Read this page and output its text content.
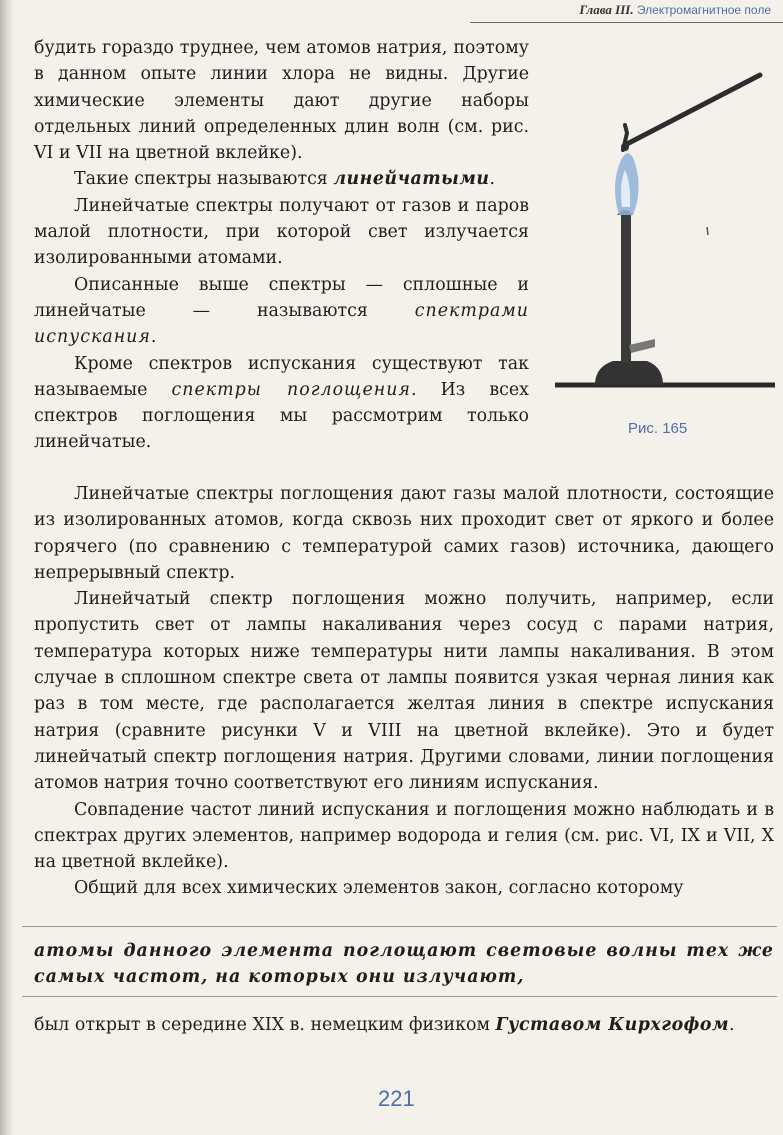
Глава III. Электромагнитное поле

будить гораздо труднее, чем атомов натрия, поэтому в данном опыте линии хлора не видны. Другие химические элементы дают другие наборы отдельных линий определенных длин волн (см. рис. VI и VII на цветной вклейке).

Такие спектры называются линейчатыми.

Линейчатые спектры получают от газов и паров малой плотности, при которой свет излучается изолированными атомами.

Описанные выше спектры — сплошные и линейчатые — называются спектрами испускания.

Кроме спектров испускания существуют так называемые спектры поглощения. Из всех спектров поглощения мы рассмотрим только линейчатые.

Рис. 165

Линейчатые спектры поглощения дают газы малой плотности, состоящие из изолированных атомов, когда сквозь них проходит свет от яркого и более горячего (по сравнению с температурой самих газов) источника, дающего непрерывный спектр.

Линейчатый спектр поглощения можно получить, например, если пропустить свет от лампы накаливания через сосуд с парами натрия, температура которых ниже температуры нити лампы накаливания. В этом случае в сплошном спектре света от лампы появится узкая черная линия как раз в том месте, где располагается желтая линия в спектре испускания натрия (сравните рисунки V и VIII на цветной вклейке). Это и будет линейчатый спектр поглощения натрия. Другими словами, линии поглощения атомов натрия точно соответствуют его линиям испускания.

Совпадение частот линий испускания и поглощения можно наблюдать и в спектрах других элементов, например водорода и гелия (см. рис. VI, IX и VII, X на цветной вклейке).

Общий для всех химических элементов закон, согласно которому

атомы данного элемента поглощают световые волны тех же самых частот, на которых они излучают,
был открыт в середине XIX в. немецким физиком Густавом Кирхгофом.
221
